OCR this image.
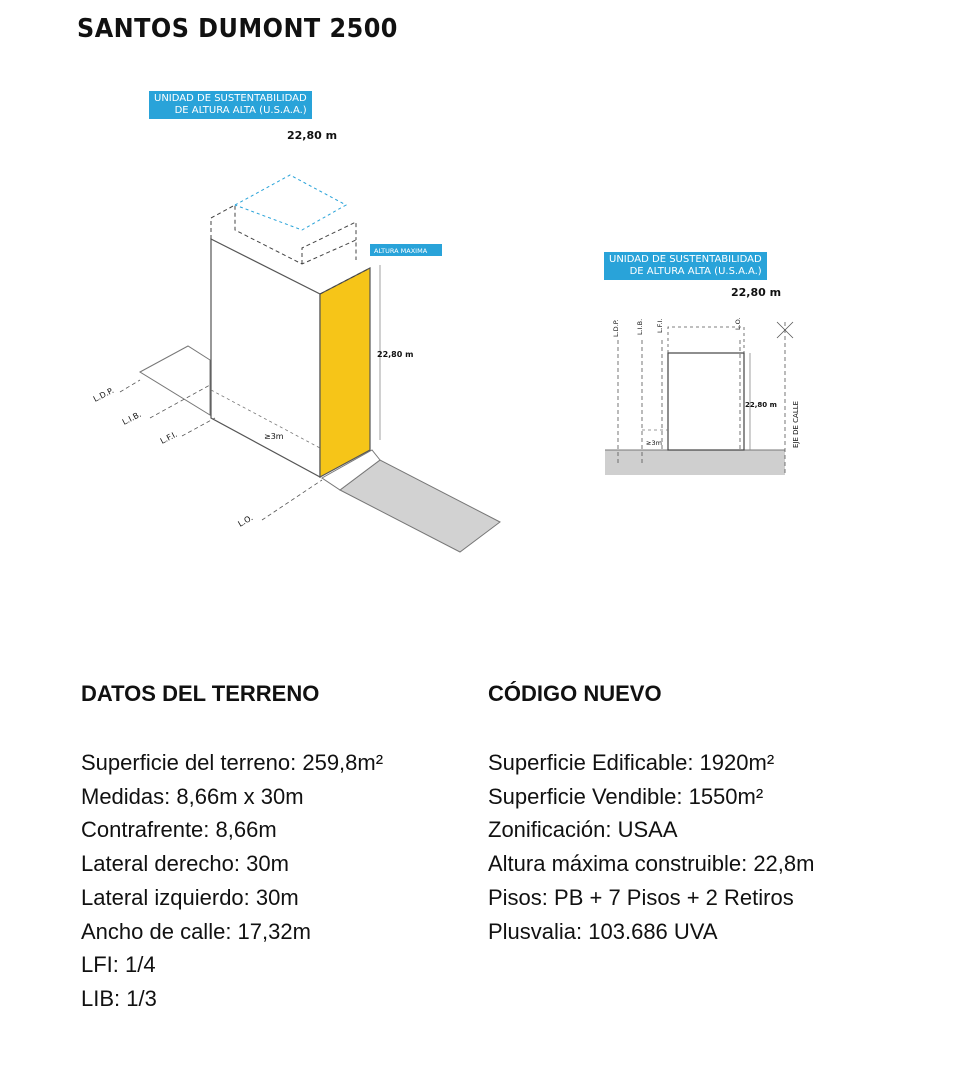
SANTOS DUMONT 2500
UNIDAD DE SUSTENTABILIDAD
DE ALTURA ALTA (U.S.A.A.)
22,80 m
UNIDAD DE SUSTENTABILIDAD
DE ALTURA ALTA (U.S.A.A.)
22,80 m
22,80 m
ALTURA MAXIMA
≥3m
L.D.P.
L.I.B.
L.F.I.
L.O.
L.D.P. L.I.B. L.F.I.	L.O.
EJE DE CALLE
22,80 m
≥3m
DATOS DEL TERRENO
Superficie del terreno: 259,8m²
Medidas: 8,66m x 30m
Contrafrente: 8,66m
Lateral derecho: 30m
Lateral izquierdo: 30m
Ancho de calle: 17,32m
LFI: 1/4
LIB: 1/3
CÓDIGO NUEVO
Superficie Edificable: 1920m²
Superficie Vendible: 1550m²
Zonificación: USAA
Altura máxima construible: 22,8m
Pisos: PB + 7 Pisos + 2 Retiros
Plusvalia: 103.686 UVA
